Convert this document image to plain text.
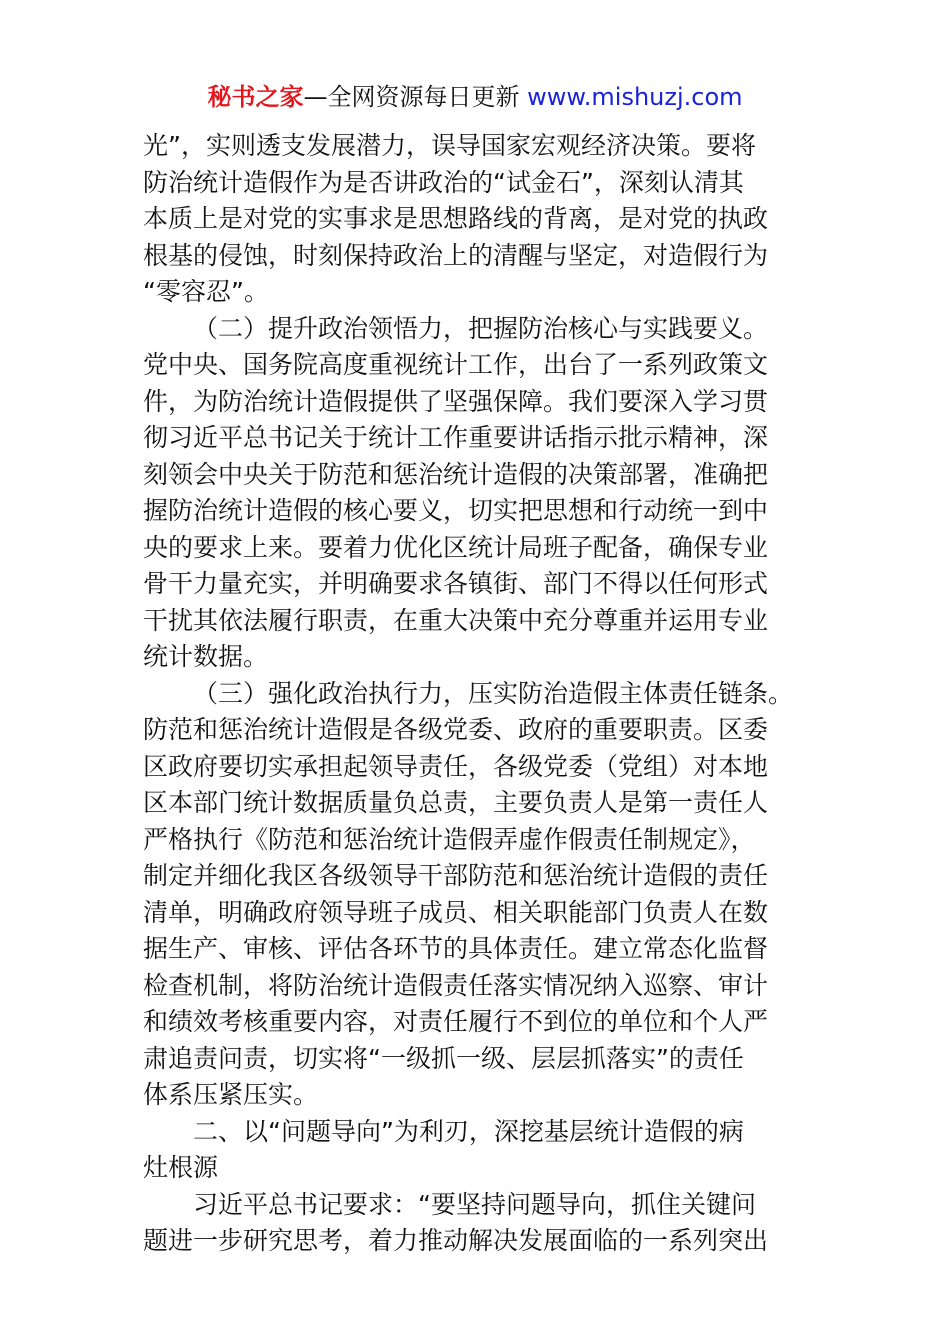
秘书之家—全网资源每日更新 www.mishuzj.com
光”，实则透支发展潜力，误导国家宏观经济决策。要将
防治统计造假作为是否讲政治的“试金石”，深刻认清其
本质上是对党的实事求是思想路线的背离，是对党的执政
根基的侵蚀，时刻保持政治上的清醒与坚定，对造假行为
“零容忍”。
（二）提升政治领悟力，把握防治核心与实践要义。
党中央、国务院高度重视统计工作，出台了一系列政策文
件，为防治统计造假提供了坚强保障。我们要深入学习贯
彻习近平总书记关于统计工作重要讲话指示批示精神，深
刻领会中央关于防范和惩治统计造假的决策部署，准确把
握防治统计造假的核心要义，切实把思想和行动统一到中
央的要求上来。要着力优化区统计局班子配备，确保专业
骨干力量充实，并明确要求各镇街、部门不得以任何形式
干扰其依法履行职责，在重大决策中充分尊重并运用专业
统计数据。
（三）强化政治执行力，压实防治造假主体责任链条。
防范和惩治统计造假是各级党委、政府的重要职责。区委
区政府要切实承担起领导责任，各级党委（党组）对本地
区本部门统计数据质量负总责，主要负责人是第一责任人
严格执行《防范和惩治统计造假弄虚作假责任制规定》，
制定并细化我区各级领导干部防范和惩治统计造假的责任
清单，明确政府领导班子成员、相关职能部门负责人在数
据生产、审核、评估各环节的具体责任。建立常态化监督
检查机制，将防治统计造假责任落实情况纳入巡察、审计
和绩效考核重要内容，对责任履行不到位的单位和个人严
肃追责问责，切实将“一级抓一级、层层抓落实”的责任
体系压紧压实。
二、以“问题导向”为利刃，深挖基层统计造假的病
灶根源
习近平总书记要求：“要坚持问题导向，抓住关键问
题进一步研究思考，着力推动解决发展面临的一系列突出
